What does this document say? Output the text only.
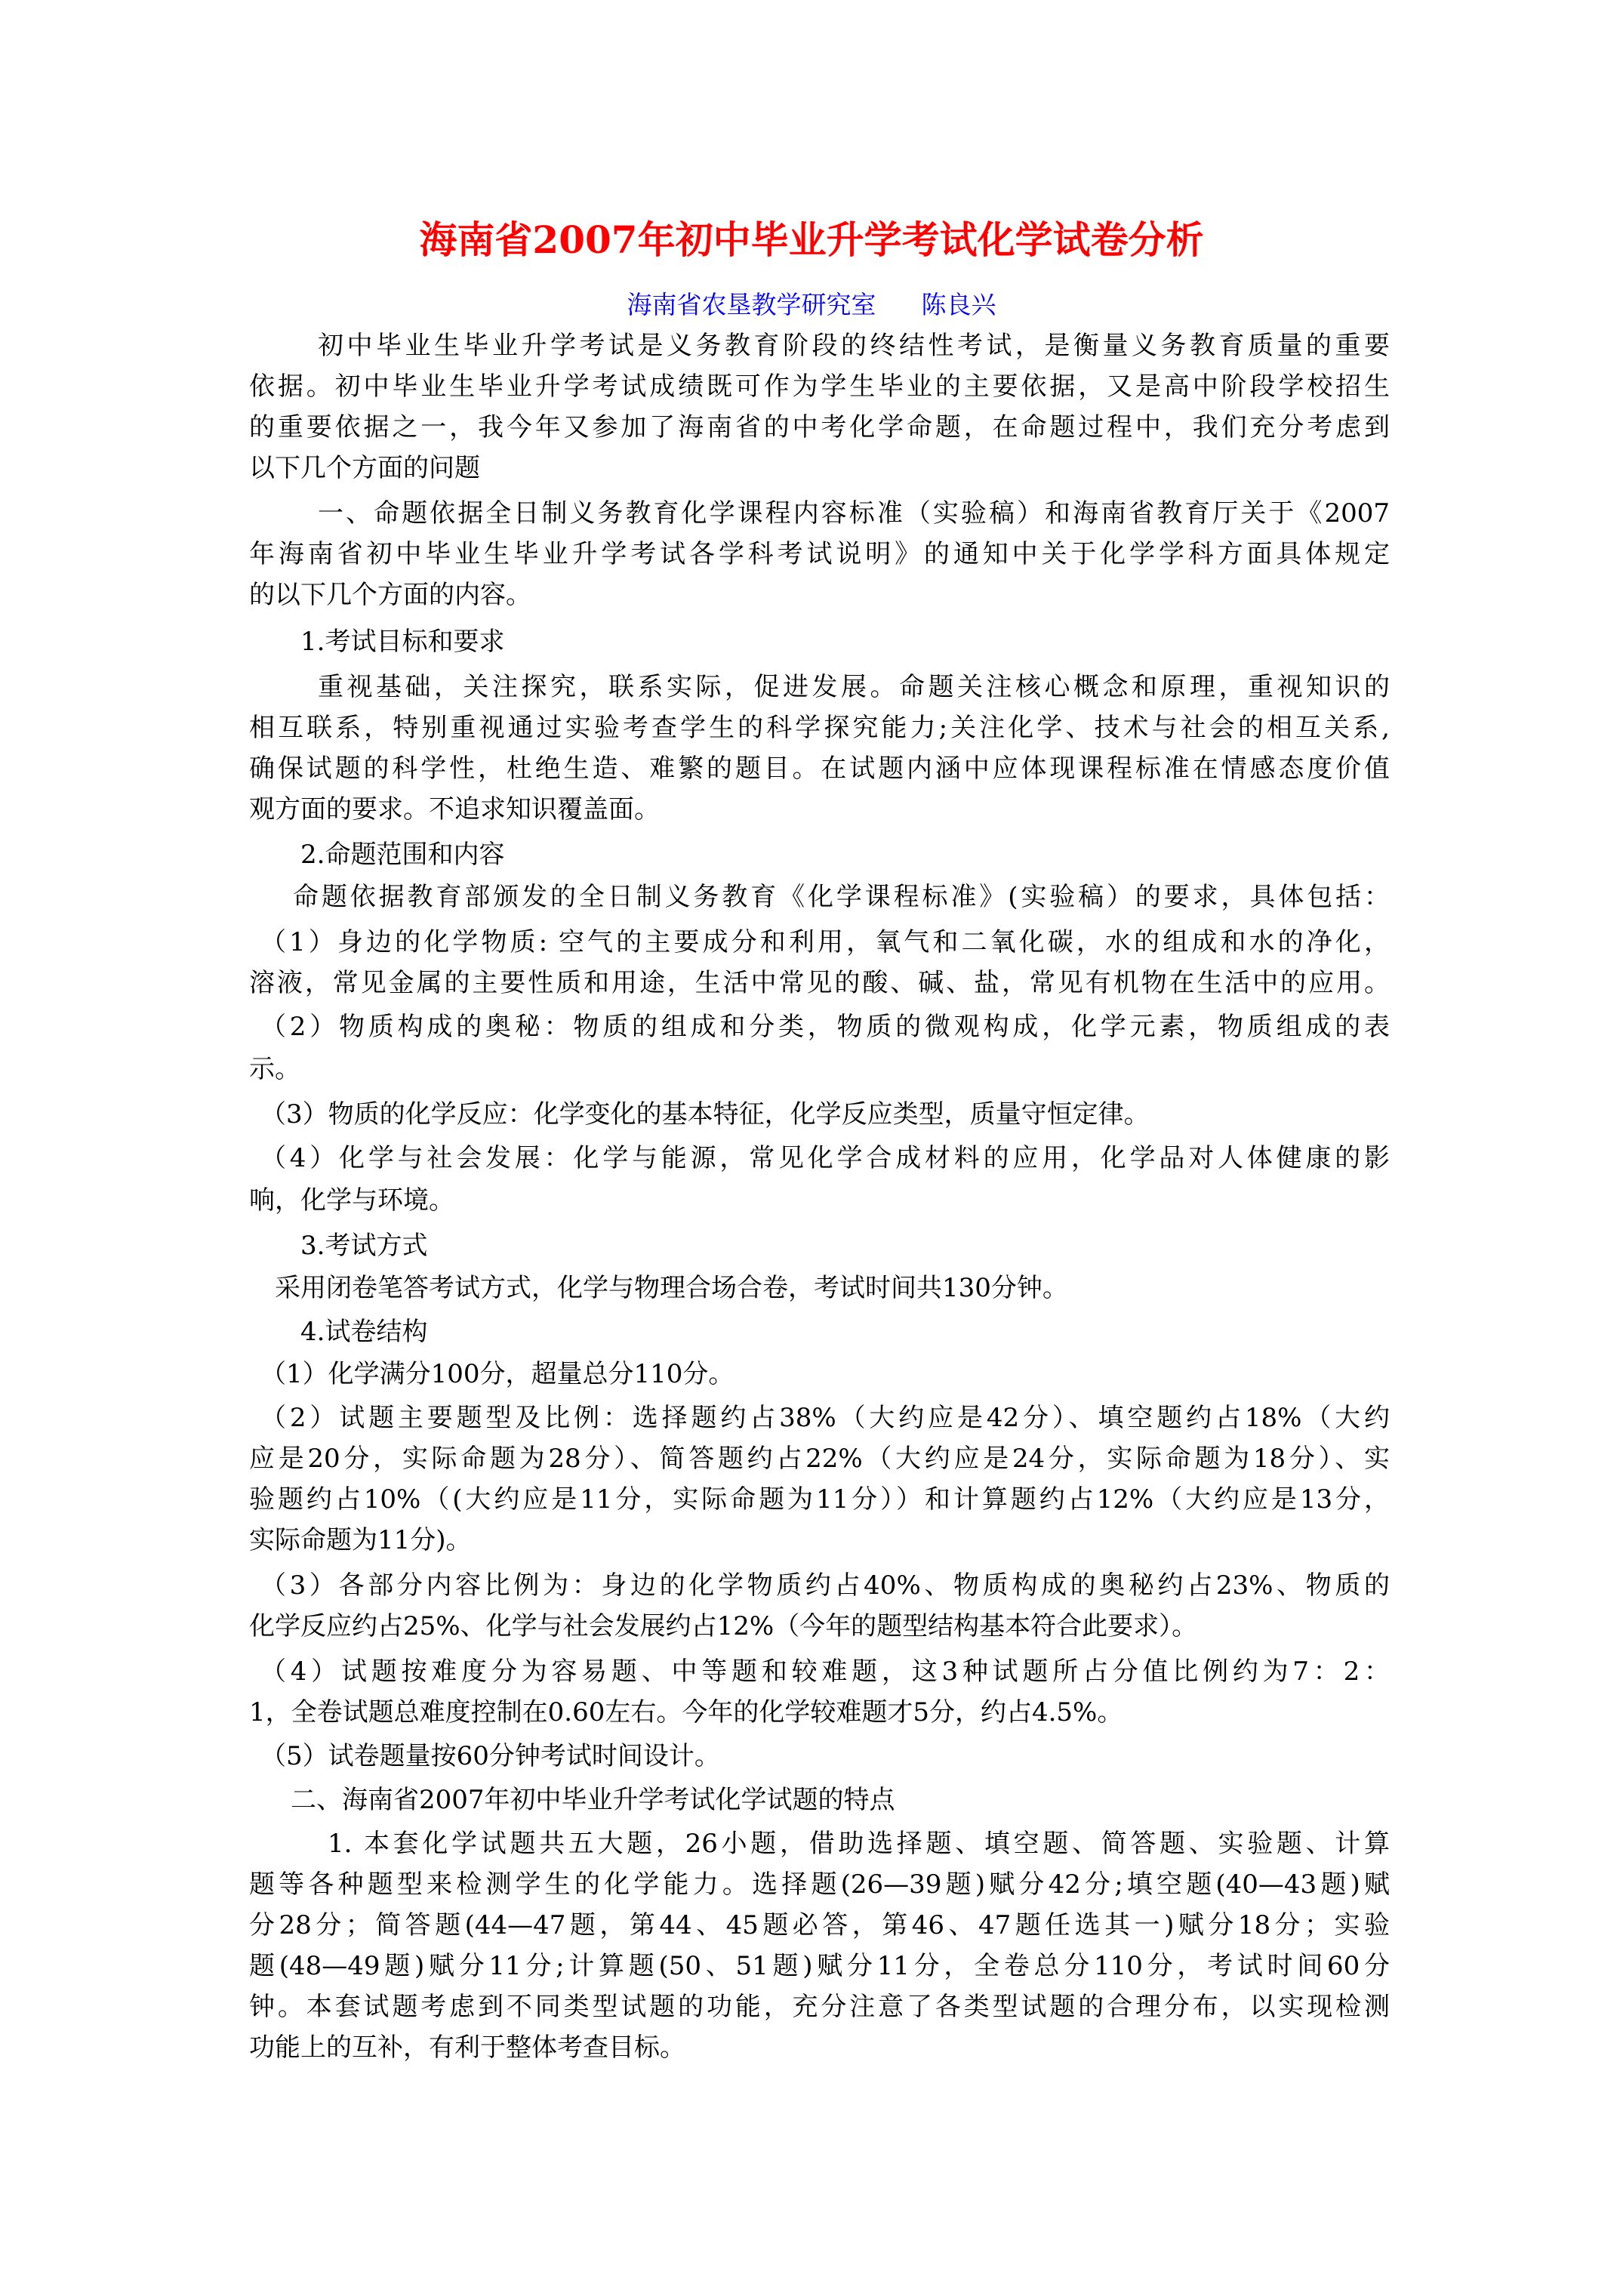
海南省2007年初中毕业升学考试化学试卷分析
海南省农垦教学研究室 陈良兴
初中毕业生毕业升学考试是义务教育阶段的终结性考试，是衡量义务教育质量的重要
依据。初中毕业生毕业升学考试成绩既可作为学生毕业的主要依据，又是高中阶段学校招生
的重要依据之一，我今年又参加了海南省的中考化学命题，在命题过程中，我们充分考虑到
以下几个方面的问题
一、命题依据全日制义务教育化学课程内容标准（实验稿）和海南省教育厅关于《2007
年海南省初中毕业生毕业升学考试各学科考试说明》的通知中关于化学学科方面具体规定
的以下几个方面的内容。
1.考试目标和要求
重视基础，关注探究，联系实际，促进发展。命题关注核心概念和原理，重视知识的
相互联系，特别重视通过实验考查学生的科学探究能力;关注化学、技术与社会的相互关系,
确保试题的科学性，杜绝生造、难繁的题目。在试题内涵中应体现课程标准在情感态度价值
观方面的要求。不追求知识覆盖面。
2.命题范围和内容
命题依据教育部颁发的全日制义务教育《化学课程标准》(实验稿）的要求，具体包括：
（1）身边的化学物质: 空气的主要成分和利用，氧气和二氧化碳，水的组成和水的净化，
溶液，常见金属的主要性质和用途，生活中常见的酸、碱、盐，常见有机物在生活中的应用。
（2）物质构成的奥秘：物质的组成和分类，物质的微观构成，化学元素，物质组成的表
示。
（3）物质的化学反应：化学变化的基本特征，化学反应类型，质量守恒定律。
（4）化学与社会发展：化学与能源，常见化学合成材料的应用，化学品对人体健康的影
响，化学与环境。
3.考试方式
采用闭卷笔答考试方式，化学与物理合场合卷，考试时间共130分钟。
4.试卷结构
（1）化学满分100分，超量总分110分。
（2）试题主要题型及比例：选择题约占38%（大约应是42分）、填空题约占18%（大约
应是20分，实际命题为28分）、简答题约占22%（大约应是24分，实际命题为18分）、实
验题约占10%（(大约应是11分，实际命题为11分））和计算题约占12%（大约应是13分，
实际命题为11分)。
（3）各部分内容比例为：身边的化学物质约占40%、物质构成的奥秘约占23%、物质的
化学反应约占25%、化学与社会发展约占12%（今年的题型结构基本符合此要求）。
（4）试题按难度分为容易题、中等题和较难题，这3种试题所占分值比例约为7：2：
1，全卷试题总难度控制在0.60左右。今年的化学较难题才5分，约占4.5%。
（5）试卷题量按60分钟考试时间设计。
二、海南省2007年初中毕业升学考试化学试题的特点
1. 本套化学试题共五大题，26小题，借助选择题、填空题、简答题、实验题、计算
题等各种题型来检测学生的化学能力。选择题(26—39题)赋分42分;填空题(40—43题)赋
分28分；简答题(44—47题，第44、45题必答，第46、47题任选其一)赋分18分；实验
题(48—49题)赋分11分;计算题(50、51题)赋分11分，全卷总分110分，考试时间60分
钟。本套试题考虑到不同类型试题的功能，充分注意了各类型试题的合理分布，以实现检测
功能上的互补，有利于整体考查目标。
